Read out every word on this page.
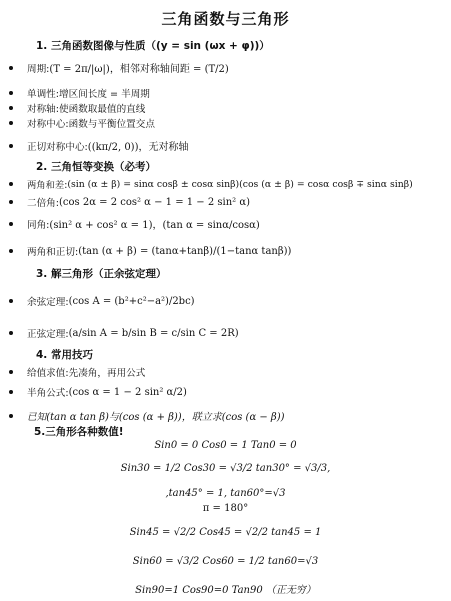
三角函数与三角形
1. 三角函数图像与性质（(y = sin (ωx + φ))）
周期: (T = 2π/|ω|)，相邻对称轴间距 = (T/2)
单调性: 增区间长度 = 半周期
对称轴: 使函数取最值的直线
对称中心: 函数与平衡位置交点
正切对称中心: ((kπ/2, 0))，无对称轴
2. 三角恒等变换（必考）
两角和差: (sin (α ± β) = sinα cosβ ± cosα sinβ)(cos (α ± β) = cosα cosβ ∓ sinα sinβ)
二倍角: (cos 2α = 2 cos² α − 1 = 1 − 2 sin² α)
同角: (sin² α + cos² α = 1)，(tan α = sinα/cosα)
两角和正切: (tan (α + β) = (tanα+tanβ)/(1−tanα tanβ))
3. 解三角形（正余弦定理）
余弦定理: (cos A = (b²+c²−a²)/2bc)
正弦定理: (a/sin A = b/sin B = c/sin C = 2R)
4. 常用技巧
给值求值: 先凑角，再用公式
半角公式: (cos α = 1 − 2 sin² α/2)
已知 (tan α tan β)与(cos (α + β))，联立求(cos (α − β))
5.三角形各种数值!
Sin0 = 0 Cos0 = 1 Tan0 = 0
Sin30 = 1/2 Cos30 = √3/2 tan30° = √3/3,
,tan45° = 1, tan60°=√3
π = 180°
Sin45 = √2/2 Cos45 = √2/2 tan45 = 1
Sin60 = √3/2 Cos60 = 1/2 tan60=√3
Sin90=1 Cos90=0 Tan90 （正无穷）
